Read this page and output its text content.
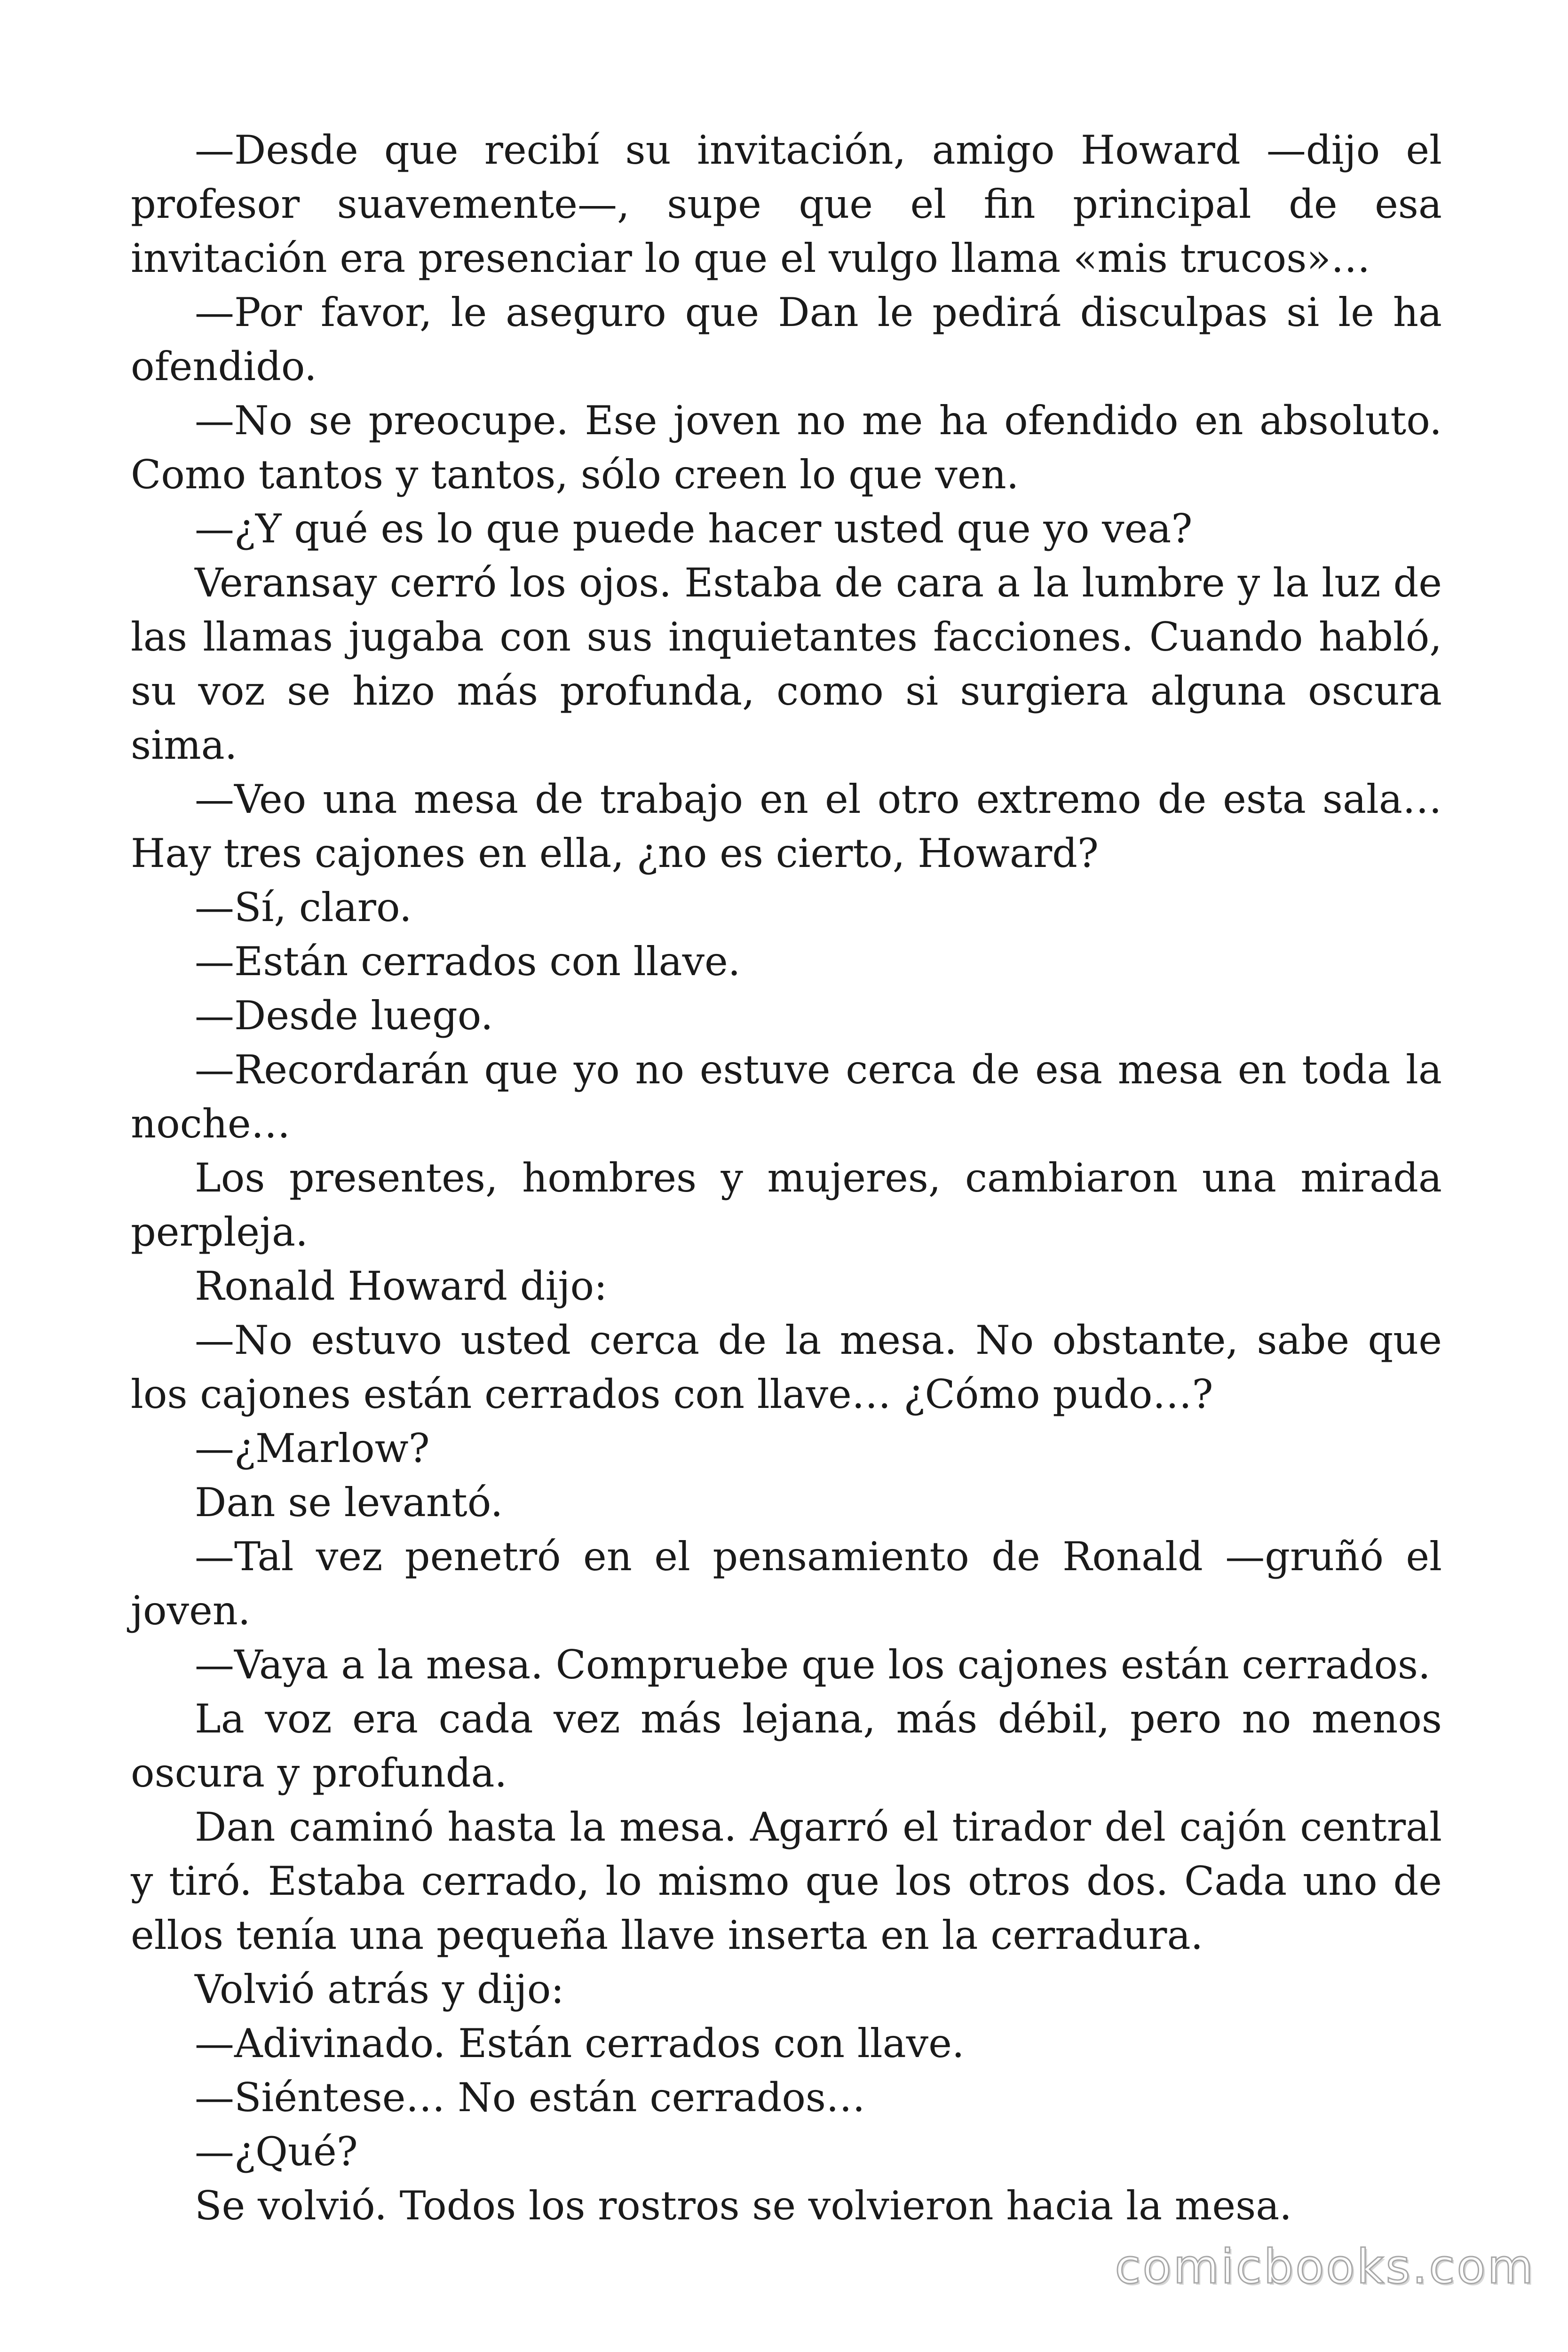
—Desde que recibí su invitación, amigo Howard —dijo el profesor suavemente—, supe que el fin principal de esa invitación era presenciar lo que el vulgo llama «mis trucos»…

—Por favor, le aseguro que Dan le pedirá disculpas si le ha ofendido.

—No se preocupe. Ese joven no me ha ofendido en absoluto. Como tantos y tantos, sólo creen lo que ven.

—¿Y qué es lo que puede hacer usted que yo vea?

Veransay cerró los ojos. Estaba de cara a la lumbre y la luz de las llamas jugaba con sus inquietantes facciones. Cuando habló, su voz se hizo más profunda, como si surgiera alguna oscura sima.

—Veo una mesa de trabajo en el otro extremo de esta sala… Hay tres cajones en ella, ¿no es cierto, Howard?

—Sí, claro.

—Están cerrados con llave.

—Desde luego.

—Recordarán que yo no estuve cerca de esa mesa en toda la noche…

Los presentes, hombres y mujeres, cambiaron una mirada perpleja.

Ronald Howard dijo:

—No estuvo usted cerca de la mesa. No obstante, sabe que los cajones están cerrados con llave… ¿Cómo pudo…?

—¿Marlow?

Dan se levantó.

—Tal vez penetró en el pensamiento de Ronald —gruñó el joven.

—Vaya a la mesa. Compruebe que los cajones están cerrados.

La voz era cada vez más lejana, más débil, pero no menos oscura y profunda.

Dan caminó hasta la mesa. Agarró el tirador del cajón central y tiró. Estaba cerrado, lo mismo que los otros dos. Cada uno de ellos tenía una pequeña llave inserta en la cerradura.

Volvió atrás y dijo:

—Adivinado. Están cerrados con llave.

—Siéntese… No están cerrados…

—¿Qué?

Se volvió. Todos los rostros se volvieron hacia la mesa.

comicbooks.com
